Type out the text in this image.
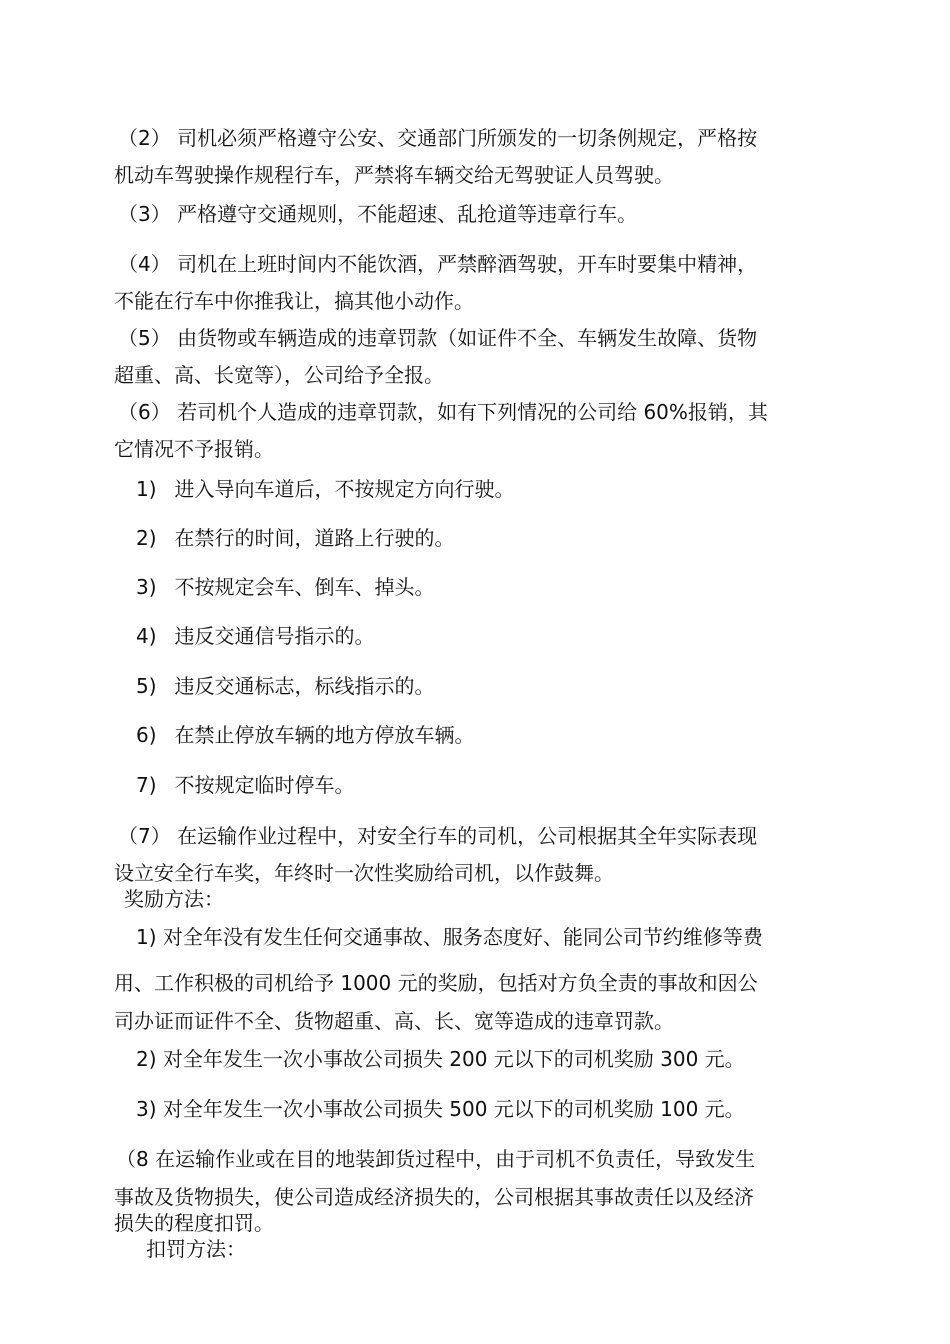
（2） 司机必须严格遵守公安、交通部门所颁发的一切条例规定，严格按
机动车驾驶操作规程行车，严禁将车辆交给无驾驶证人员驾驶。
（3） 严格遵守交通规则，不能超速、乱抢道等违章行车。
（4） 司机在上班时间内不能饮酒，严禁醉酒驾驶，开车时要集中精神，
不能在行车中你推我让，搞其他小动作。
（5） 由货物或车辆造成的违章罚款（如证件不全、车辆发生故障、货物
超重、高、长宽等），公司给予全报。
（6） 若司机个人造成的违章罚款，如有下列情况的公司给 60%报销，其
它情况不予报销。
1) 进入导向车道后，不按规定方向行驶。
2) 在禁行的时间，道路上行驶的。
3) 不按规定会车、倒车、掉头。
4) 违反交通信号指示的。
5) 违反交通标志，标线指示的。
6) 在禁止停放车辆的地方停放车辆。
7) 不按规定临时停车。
（7） 在运输作业过程中，对安全行车的司机，公司根据其全年实际表现
设立安全行车奖，年终时一次性奖励给司机，以作鼓舞。
奖励方法：
1) 对全年没有发生任何交通事故、服务态度好、能同公司节约维修等费
用、工作积极的司机给予 1000 元的奖励，包括对方负全责的事故和因公
司办证而证件不全、货物超重、高、长、宽等造成的违章罚款。
2) 对全年发生一次小事故公司损失 200 元以下的司机奖励 300 元。
3) 对全年发生一次小事故公司损失 500 元以下的司机奖励 100 元。
（8 在运输作业或在目的地装卸货过程中，由于司机不负责任，导致发生
事故及货物损失，使公司造成经济损失的，公司根据其事故责任以及经济
损失的程度扣罚。
扣罚方法：
